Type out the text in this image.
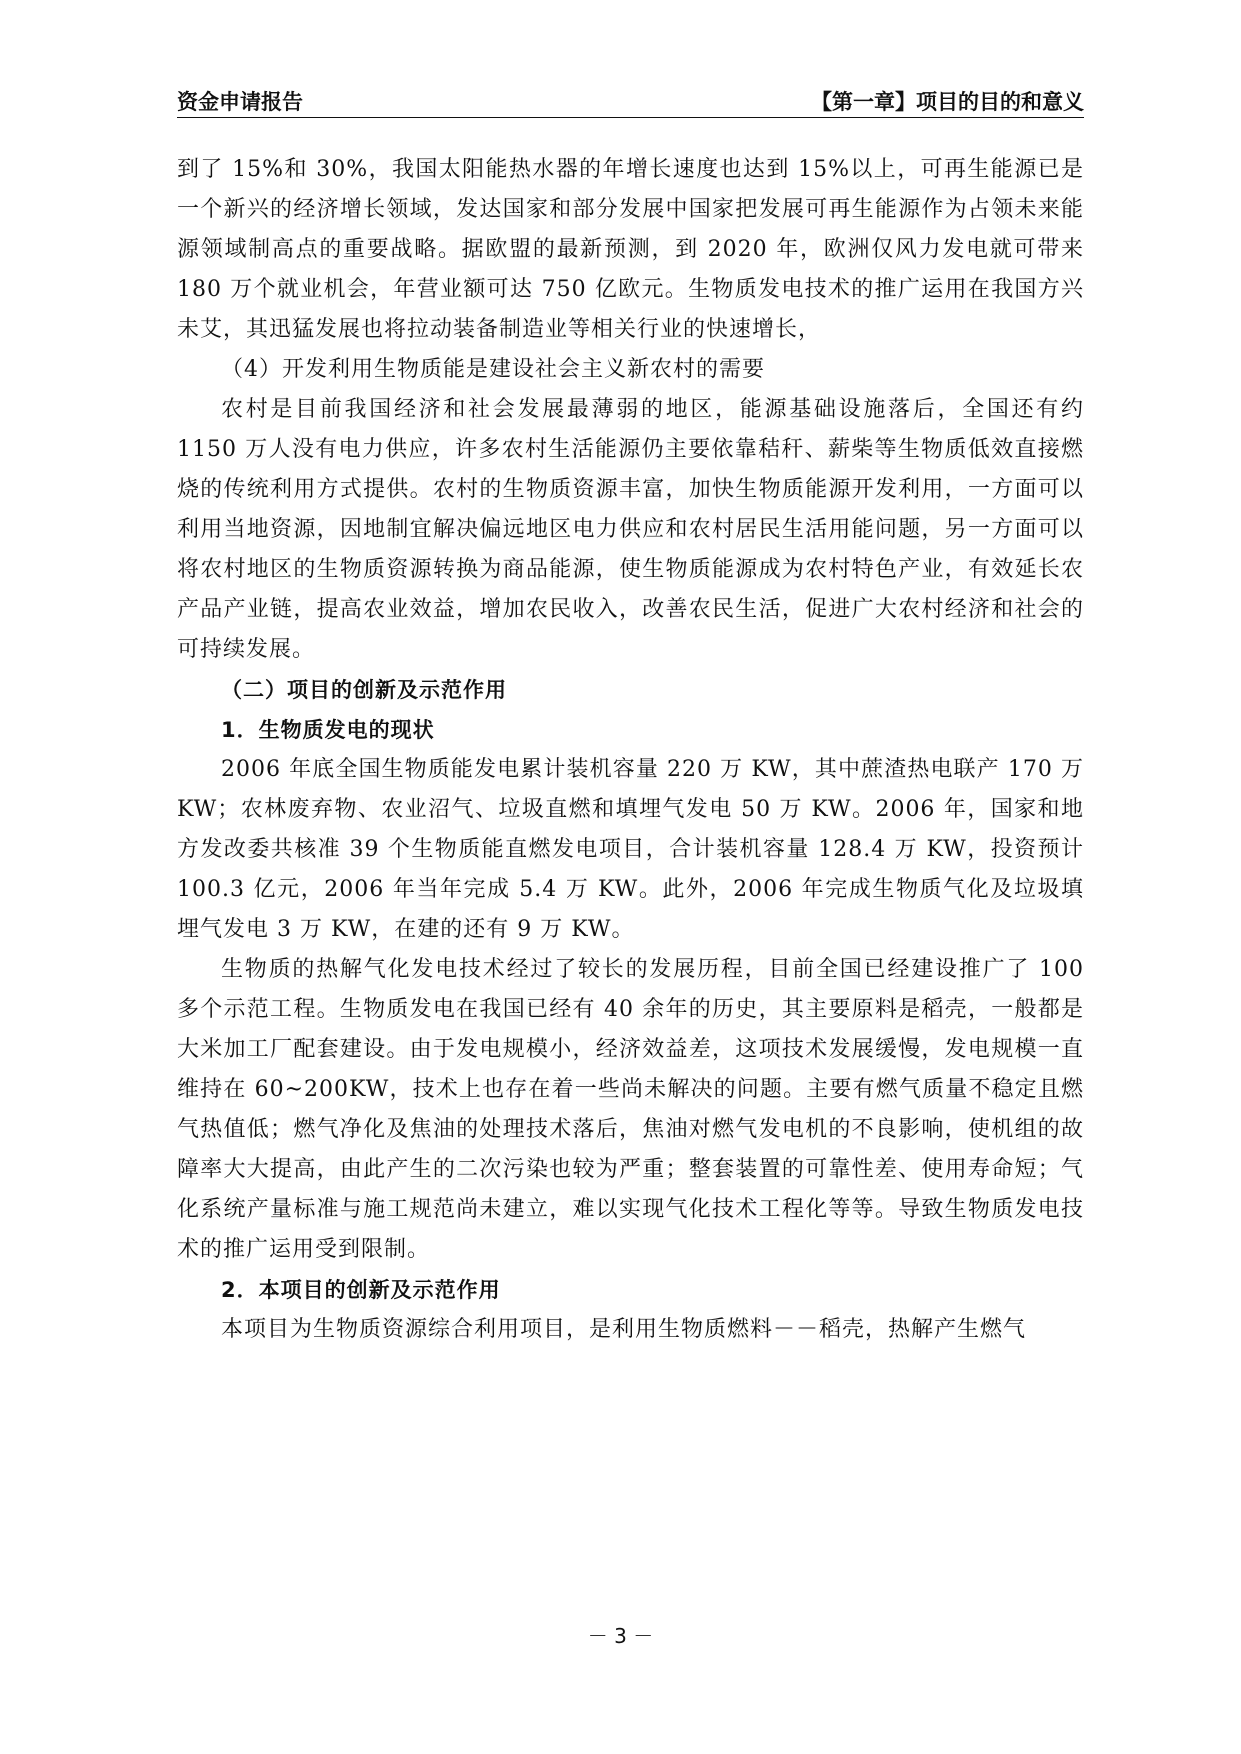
资金申请报告	【第一章】项目的目的和意义

到了 15%和 30%，我国太阳能热水器的年增长速度也达到 15%以上，可再生能源已是一个新兴的经济增长领域，发达国家和部分发展中国家把发展可再生能源作为占领未来能源领域制高点的重要战略。据欧盟的最新预测，到 2020 年，欧洲仅风力发电就可带来 180 万个就业机会，年营业额可达 750 亿欧元。生物质发电技术的推广运用在我国方兴未艾，其迅猛发展也将拉动装备制造业等相关行业的快速增长，

（4）开发利用生物质能是建设社会主义新农村的需要

农村是目前我国经济和社会发展最薄弱的地区，能源基础设施落后，全国还有约 1150 万人没有电力供应，许多农村生活能源仍主要依靠秸秆、薪柴等生物质低效直接燃烧的传统利用方式提供。农村的生物质资源丰富，加快生物质能源开发利用，一方面可以利用当地资源，因地制宜解决偏远地区电力供应和农村居民生活用能问题，另一方面可以将农村地区的生物质资源转换为商品能源，使生物质能源成为农村特色产业，有效延长农产品产业链，提高农业效益，增加农民收入，改善农民生活，促进广大农村经济和社会的可持续发展。

（二）项目的创新及示范作用

1．生物质发电的现状

2006 年底全国生物质能发电累计装机容量 220 万 KW，其中蔗渣热电联产 170 万 KW；农林废弃物、农业沼气、垃圾直燃和填埋气发电 50 万 KW。2006 年，国家和地方发改委共核准 39 个生物质能直燃发电项目，合计装机容量 128.4 万 KW，投资预计 100.3 亿元，2006 年当年完成 5.4 万 KW。此外，2006 年完成生物质气化及垃圾填埋气发电 3 万 KW，在建的还有 9 万 KW。

生物质的热解气化发电技术经过了较长的发展历程，目前全国已经建设推广了 100 多个示范工程。生物质发电在我国已经有 40 余年的历史，其主要原料是稻壳，一般都是大米加工厂配套建设。由于发电规模小，经济效益差，这项技术发展缓慢，发电规模一直维持在 60~200KW，技术上也存在着一些尚未解决的问题。主要有燃气质量不稳定且燃气热值低；燃气净化及焦油的处理技术落后，焦油对燃气发电机的不良影响，使机组的故障率大大提高，由此产生的二次污染也较为严重；整套装置的可靠性差、使用寿命短；气化系统产量标准与施工规范尚未建立，难以实现气化技术工程化等等。导致生物质发电技术的推广运用受到限制。

2．本项目的创新及示范作用

本项目为生物质资源综合利用项目，是利用生物质燃料－－稻壳，热解产生燃气

－ 3 －
